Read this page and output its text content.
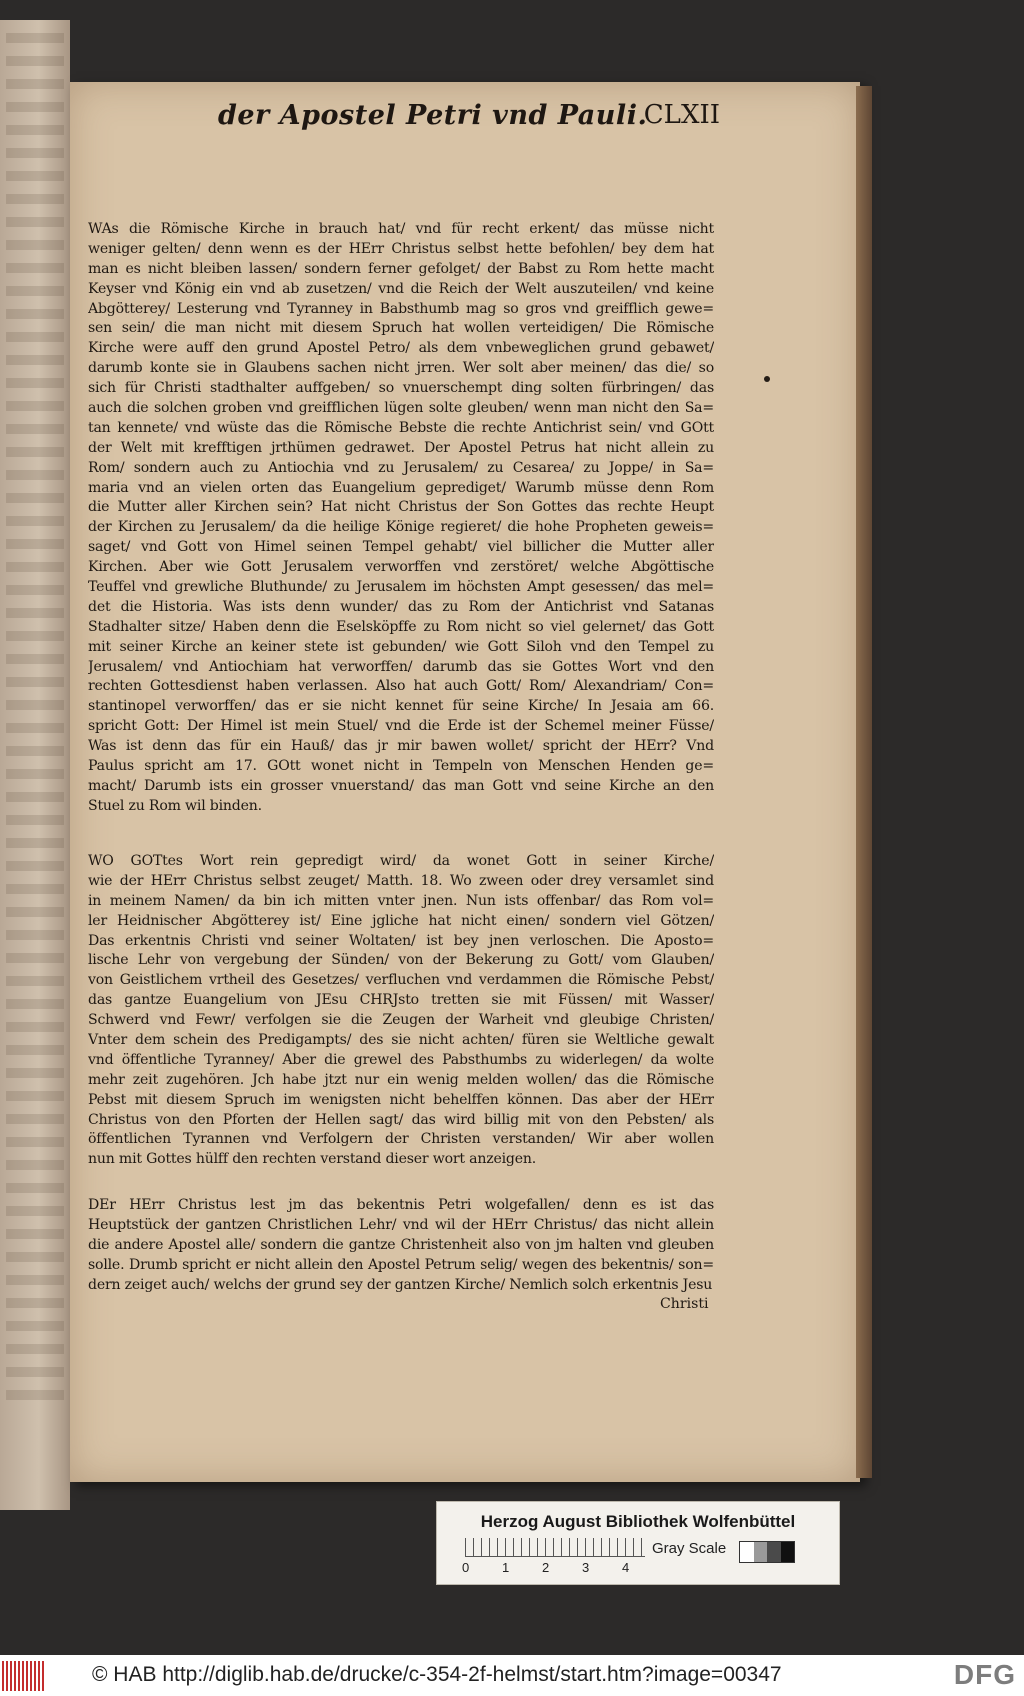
der Apostel Petri vnd Pauli.
CLXII
WAs die Römische Kirche in brauch hat/ vnd für recht erkent/ das müsse nicht
weniger gelten/ denn wenn es der HErr Christus selbst hette befohlen/ bey dem hat
man es nicht bleiben lassen/ sondern ferner gefolget/ der Babst zu Rom hette macht
Keyser vnd König ein vnd ab zusetzen/ vnd die Reich der Welt auszuteilen/ vnd keine
Abgötterey/ Lesterung vnd Tyranney in Babsthumb mag so gros vnd greifflich gewe=
sen sein/ die man nicht mit diesem Spruch hat wollen verteidigen/ Die Römische
Kirche were auff den grund Apostel Petro/ als dem vnbeweglichen grund gebawet/
darumb konte sie in Glaubens sachen nicht jrren. Wer solt aber meinen/ das die/ so
sich für Christi stadthalter auffgeben/ so vnuerschempt ding solten fürbringen/ das
auch die solchen groben vnd greifflichen lügen solte gleuben/ wenn man nicht den Sa=
tan kennete/ vnd wüste das die Römische Bebste die rechte Antichrist sein/ vnd GOtt
der Welt mit krefftigen jrthümen gedrawet. Der Apostel Petrus hat nicht allein zu
Rom/ sondern auch zu Antiochia vnd zu Jerusalem/ zu Cesarea/ zu Joppe/ in Sa=
maria vnd an vielen orten das Euangelium geprediget/ Warumb müsse denn Rom
die Mutter aller Kirchen sein? Hat nicht Christus der Son Gottes das rechte Heupt
der Kirchen zu Jerusalem/ da die heilige Könige regieret/ die hohe Propheten geweis=
saget/ vnd Gott von Himel seinen Tempel gehabt/ viel billicher die Mutter aller
Kirchen. Aber wie Gott Jerusalem verworffen vnd zerstöret/ welche Abgöttische
Teuffel vnd grewliche Bluthunde/ zu Jerusalem im höchsten Ampt gesessen/ das mel=
det die Historia. Was ists denn wunder/ das zu Rom der Antichrist vnd Satanas
Stadhalter sitze/ Haben denn die Eselsköpffe zu Rom nicht so viel gelernet/ das Gott
mit seiner Kirche an keiner stete ist gebunden/ wie Gott Siloh vnd den Tempel zu
Jerusalem/ vnd Antiochiam hat verworffen/ darumb das sie Gottes Wort vnd den
rechten Gottesdienst haben verlassen. Also hat auch Gott/ Rom/ Alexandriam/ Con=
stantinopel verworffen/ das er sie nicht kennet für seine Kirche/ In Jesaia am 66.
spricht Gott: Der Himel ist mein Stuel/ vnd die Erde ist der Schemel meiner Füsse/
Was ist denn das für ein Hauß/ das jr mir bawen wollet/ spricht der HErr? Vnd
Paulus spricht am 17. GOtt wonet nicht in Tempeln von Menschen Henden ge=
macht/ Darumb ists ein grosser vnuerstand/ das man Gott vnd seine Kirche an den
Stuel zu Rom wil binden.
WO GOTtes Wort rein gepredigt wird/ da wonet Gott in seiner Kirche/
wie der HErr Christus selbst zeuget/ Matth. 18. Wo zween oder drey versamlet sind
in meinem Namen/ da bin ich mitten vnter jnen. Nun ists offenbar/ das Rom vol=
ler Heidnischer Abgötterey ist/ Eine jgliche hat nicht einen/ sondern viel Götzen/
Das erkentnis Christi vnd seiner Woltaten/ ist bey jnen verloschen. Die Aposto=
lische Lehr von vergebung der Sünden/ von der Bekerung zu Gott/ vom Glauben/
von Geistlichem vrtheil des Gesetzes/ verfluchen vnd verdammen die Römische Pebst/
das gantze Euangelium von JEsu CHRJsto tretten sie mit Füssen/ mit Wasser/
Schwerd vnd Fewr/ verfolgen sie die Zeugen der Warheit vnd gleubige Christen/
Vnter dem schein des Predigampts/ des sie nicht achten/ füren sie Weltliche gewalt
vnd öffentliche Tyranney/ Aber die grewel des Pabsthumbs zu widerlegen/ da wolte
mehr zeit zugehören. Jch habe jtzt nur ein wenig melden wollen/ das die Römische
Pebst mit diesem Spruch im wenigsten nicht behelffen können. Das aber der HErr
Christus von den Pforten der Hellen sagt/ das wird billig mit von den Pebsten/ als
öffentlichen Tyrannen vnd Verfolgern der Christen verstanden/ Wir aber wollen
nun mit Gottes hülff den rechten verstand dieser wort anzeigen.
DEr HErr Christus lest jm das bekentnis Petri wolgefallen/ denn es ist das
Heuptstück der gantzen Christlichen Lehr/ vnd wil der HErr Christus/ das nicht allein
die andere Apostel alle/ sondern die gantze Christenheit also von jm halten vnd gleuben
solle. Drumb spricht er nicht allein den Apostel Petrum selig/ wegen des bekentnis/ son=
dern zeiget auch/ welchs der grund sey der gantzen Kirche/ Nemlich solch erkentnis Jesu
Christi
Herzog August Bibliothek Wolfenbüttel
0	1	2	3	4
Gray Scale
© HAB http://diglib.hab.de/drucke/c-354-2f-helmst/start.htm?image=00347	DFG
